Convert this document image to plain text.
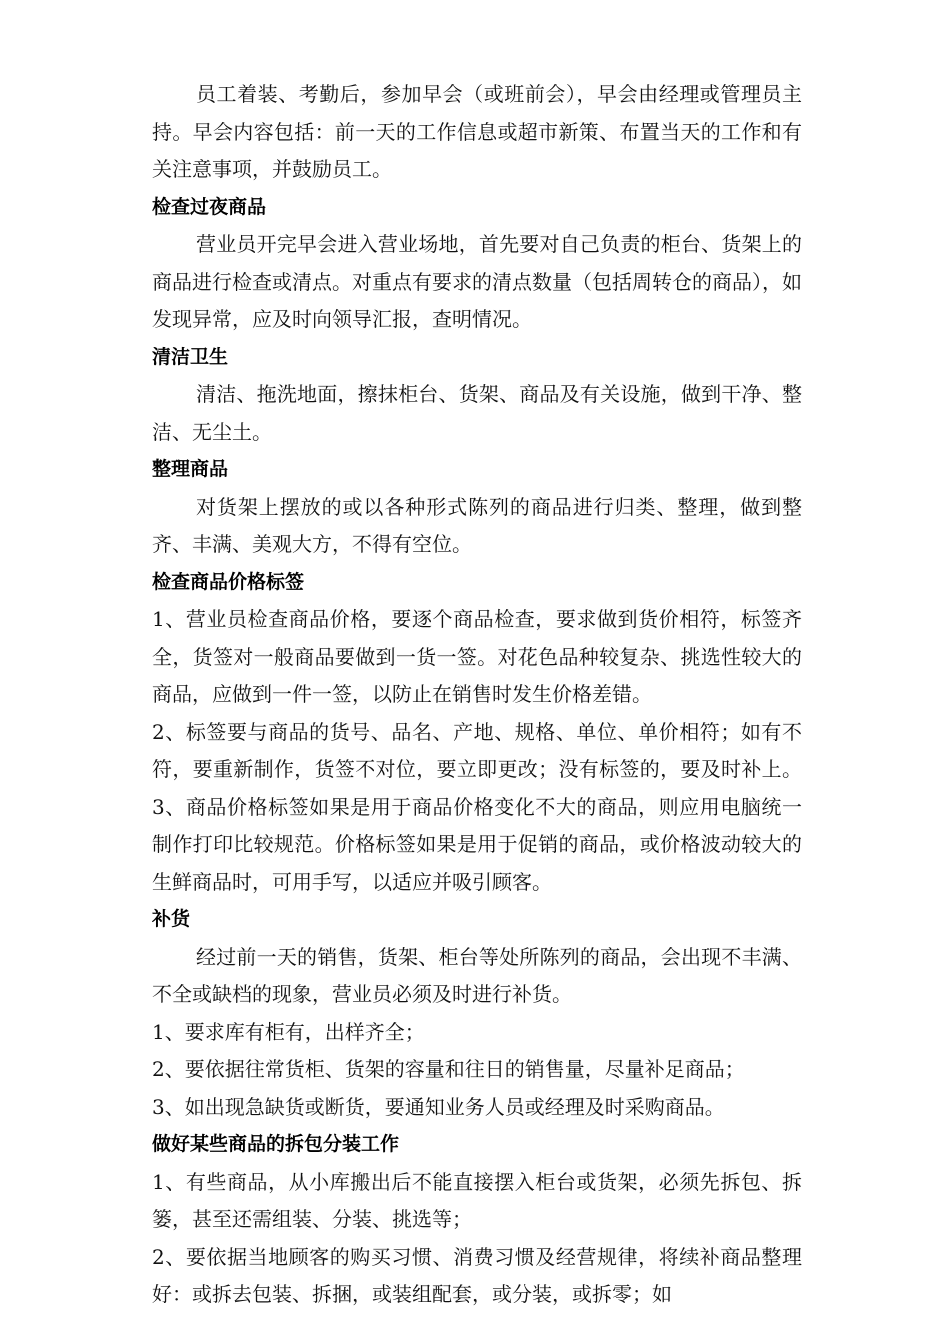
员工着装、考勤后，参加早会（或班前会），早会由经理或管理员主持。早会内容包括：前一天的工作信息或超市新策、布置当天的工作和有关注意事项，并鼓励员工。

检查过夜商品

营业员开完早会进入营业场地，首先要对自己负责的柜台、货架上的商品进行检查或清点。对重点有要求的清点数量（包括周转仓的商品），如发现异常，应及时向领导汇报，查明情况。

清洁卫生

清洁、拖洗地面，擦抹柜台、货架、商品及有关设施，做到干净、整洁、无尘土。

整理商品

对货架上摆放的或以各种形式陈列的商品进行归类、整理，做到整齐、丰满、美观大方，不得有空位。

检查商品价格标签

1、营业员检查商品价格，要逐个商品检查，要求做到货价相符，标签齐全，货签对一般商品要做到一货一签。对花色品种较复杂、挑选性较大的商品，应做到一件一签，以防止在销售时发生价格差错。

2、标签要与商品的货号、品名、产地、规格、单位、单价相符；如有不符，要重新制作，货签不对位，要立即更改；没有标签的，要及时补上。3、商品价格标签如果是用于商品价格变化不大的商品，则应用电脑统一制作打印比较规范。价格标签如果是用于促销的商品，或价格波动较大的生鲜商品时，可用手写，以适应并吸引顾客。

补货

经过前一天的销售，货架、柜台等处所陈列的商品，会出现不丰满、不全或缺档的现象，营业员必须及时进行补货。

1、要求库有柜有，出样齐全；

2、要依据往常货柜、货架的容量和往日的销售量，尽量补足商品；

3、如出现急缺货或断货，要通知业务人员或经理及时采购商品。

做好某些商品的拆包分装工作

1、有些商品，从小库搬出后不能直接摆入柜台或货架，必须先拆包、拆篓，甚至还需组装、分装、挑选等；

2、要依据当地顾客的购买习惯、消费习惯及经营规律，将续补商品整理好：或拆去包装、拆捆，或装组配套，或分装，或拆零；如
